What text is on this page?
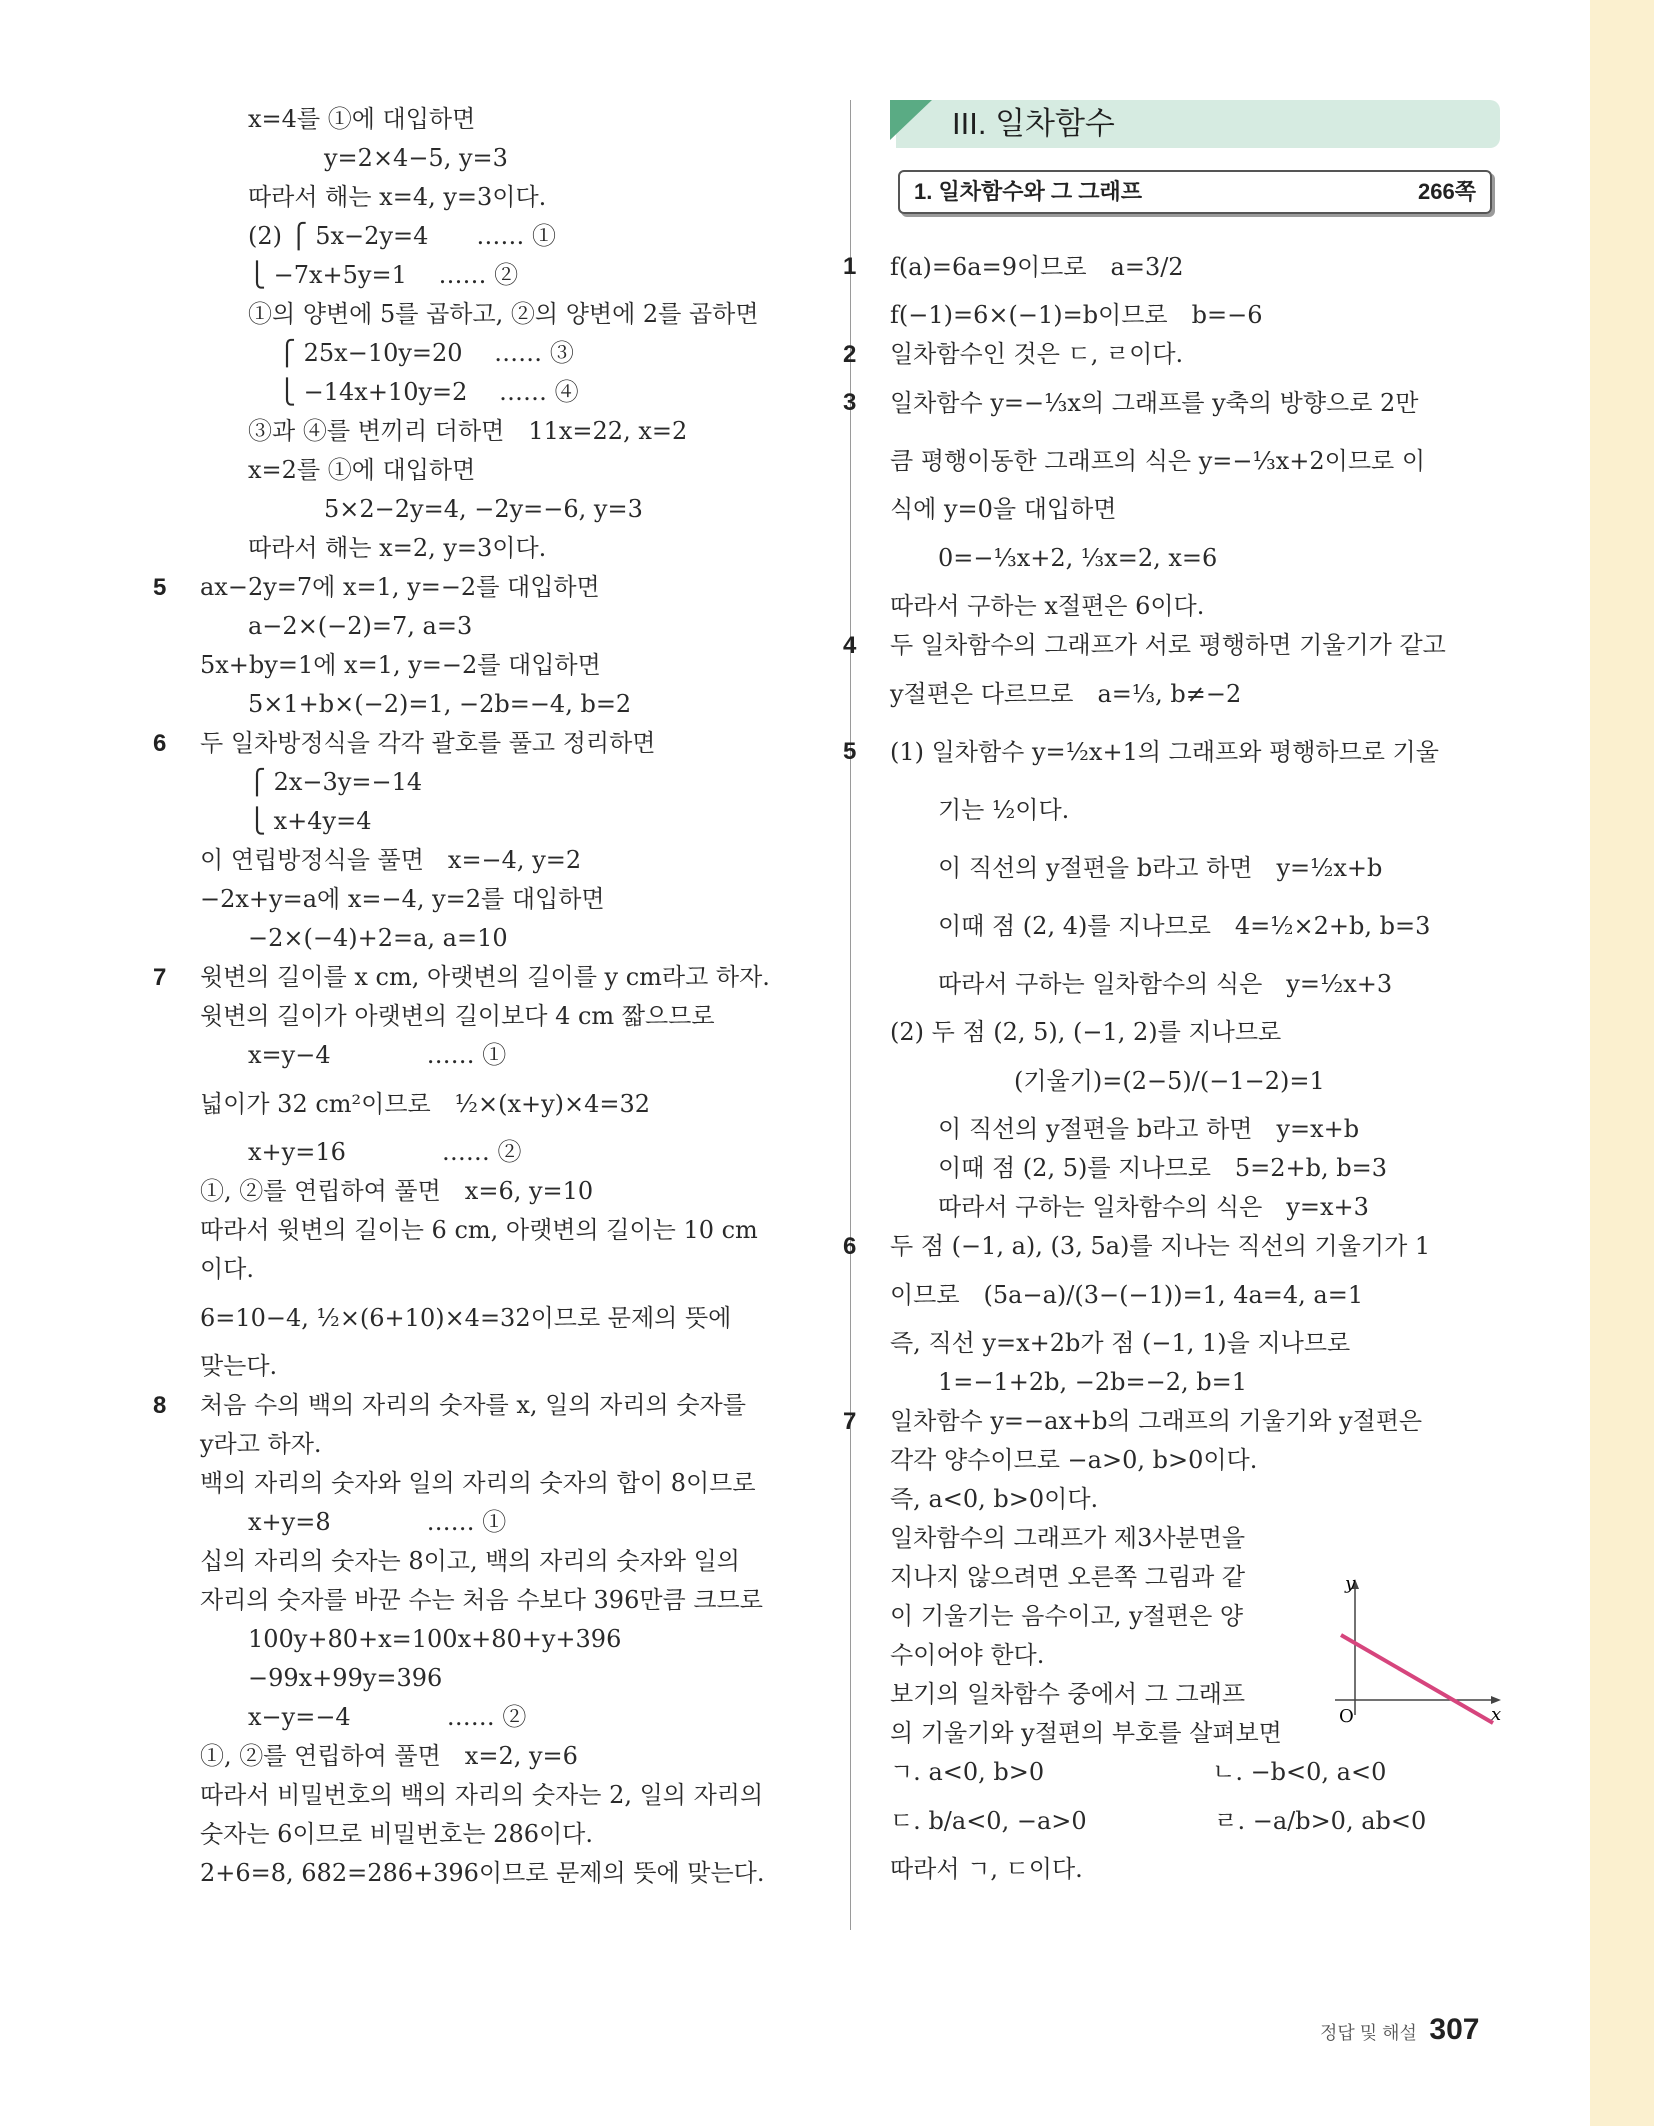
x=4를 ①에 대입하면
y=2×4−5, y=3
따라서 해는 x=4, y=3이다.
(2) ⎧ 5x−2y=4　　…… ①
⎩ −7x+5y=1　 …… ②
①의 양변에 5를 곱하고, ②의 양변에 2를 곱하면
⎧ 25x−10y=20　 …… ③
⎩ −14x+10y=2　 …… ④
③과 ④를 변끼리 더하면　11x=22, x=2
x=2를 ①에 대입하면
5×2−2y=4, −2y=−6, y=3
따라서 해는 x=2, y=3이다.
5 ax−2y=7에 x=1, y=−2를 대입하면
a−2×(−2)=7, a=3
5x+by=1에 x=1, y=−2를 대입하면
5×1+b×(−2)=1, −2b=−4, b=2
6 두 일차방정식을 각각 괄호를 풀고 정리하면
⎧ 2x−3y=−14
⎩ x+4y=4
이 연립방정식을 풀면　x=−4, y=2
−2x+y=a에 x=−4, y=2를 대입하면
−2×(−4)+2=a, a=10
7 윗변의 길이를 x cm, 아랫변의 길이를 y cm라고 하자.
윗변의 길이가 아랫변의 길이보다 4 cm 짧으므로
x=y−4　　　　…… ①
넓이가 32 cm²이므로　½×(x+y)×4=32
x+y=16　　　　…… ②
①, ②를 연립하여 풀면　x=6, y=10
따라서 윗변의 길이는 6 cm, 아랫변의 길이는 10 cm
이다.
6=10−4, ½×(6+10)×4=32이므로 문제의 뜻에
맞는다.
8 처음 수의 백의 자리의 숫자를 x, 일의 자리의 숫자를
y라고 하자.
백의 자리의 숫자와 일의 자리의 숫자의 합이 8이므로
x+y=8　　　　…… ①
십의 자리의 숫자는 8이고, 백의 자리의 숫자와 일의
자리의 숫자를 바꾼 수는 처음 수보다 396만큼 크므로
100y+80+x=100x+80+y+396
−99x+99y=396
x−y=−4　　　　…… ②
①, ②를 연립하여 풀면　x=2, y=6
따라서 비밀번호의 백의 자리의 숫자는 2, 일의 자리의
숫자는 6이므로 비밀번호는 286이다.
2+6=8, 682=286+396이므로 문제의 뜻에 맞는다.
III. 일차함수
1. 일차함수와 그 그래프	266쪽
1 f(a)=6a=9이므로　a=3/2
f(−1)=6×(−1)=b이므로　b=−6
2 일차함수인 것은 ㄷ, ㄹ이다.
3 일차함수 y=−⅓x의 그래프를 y축의 방향으로 2만
큼 평행이동한 그래프의 식은 y=−⅓x+2이므로 이
식에 y=0을 대입하면
0=−⅓x+2, ⅓x=2, x=6
따라서 구하는 x절편은 6이다.
4 두 일차함수의 그래프가 서로 평행하면 기울기가 같고
y절편은 다르므로　a=⅓, b≠−2
5 (1) 일차함수 y=½x+1의 그래프와 평행하므로 기울
기는 ½이다.
이 직선의 y절편을 b라고 하면　y=½x+b
이때 점 (2, 4)를 지나므로　4=½×2+b, b=3
따라서 구하는 일차함수의 식은　y=½x+3
(2) 두 점 (2, 5), (−1, 2)를 지나므로
(기울기)=(2−5)/(−1−2)=1
이 직선의 y절편을 b라고 하면　y=x+b
이때 점 (2, 5)를 지나므로　5=2+b, b=3
따라서 구하는 일차함수의 식은　y=x+3
6 두 점 (−1, a), (3, 5a)를 지나는 직선의 기울기가 1
이므로　(5a−a)/(3−(−1))=1, 4a=4, a=1
즉, 직선 y=x+2b가 점 (−1, 1)을 지나므로
1=−1+2b, −2b=−2, b=1
7 일차함수 y=−ax+b의 그래프의 기울기와 y절편은
각각 양수이므로 −a>0, b>0이다.
즉, a<0, b>0이다.
일차함수의 그래프가 제3사분면을
지나지 않으려면 오른쪽 그림과 같
이 기울기는 음수이고, y절편은 양
수이어야 한다.
보기의 일차함수 중에서 그 그래프
의 기울기와 y절편의 부호를 살펴보면
ㄱ. a<0, b>0　　　　　　　ㄴ. −b<0, a<0
ㄷ. b/a<0, −a>0　　　　　 ㄹ. −a/b>0, ab<0
따라서 ㄱ, ㄷ이다.
y
x
O
정답 및 해설 307
